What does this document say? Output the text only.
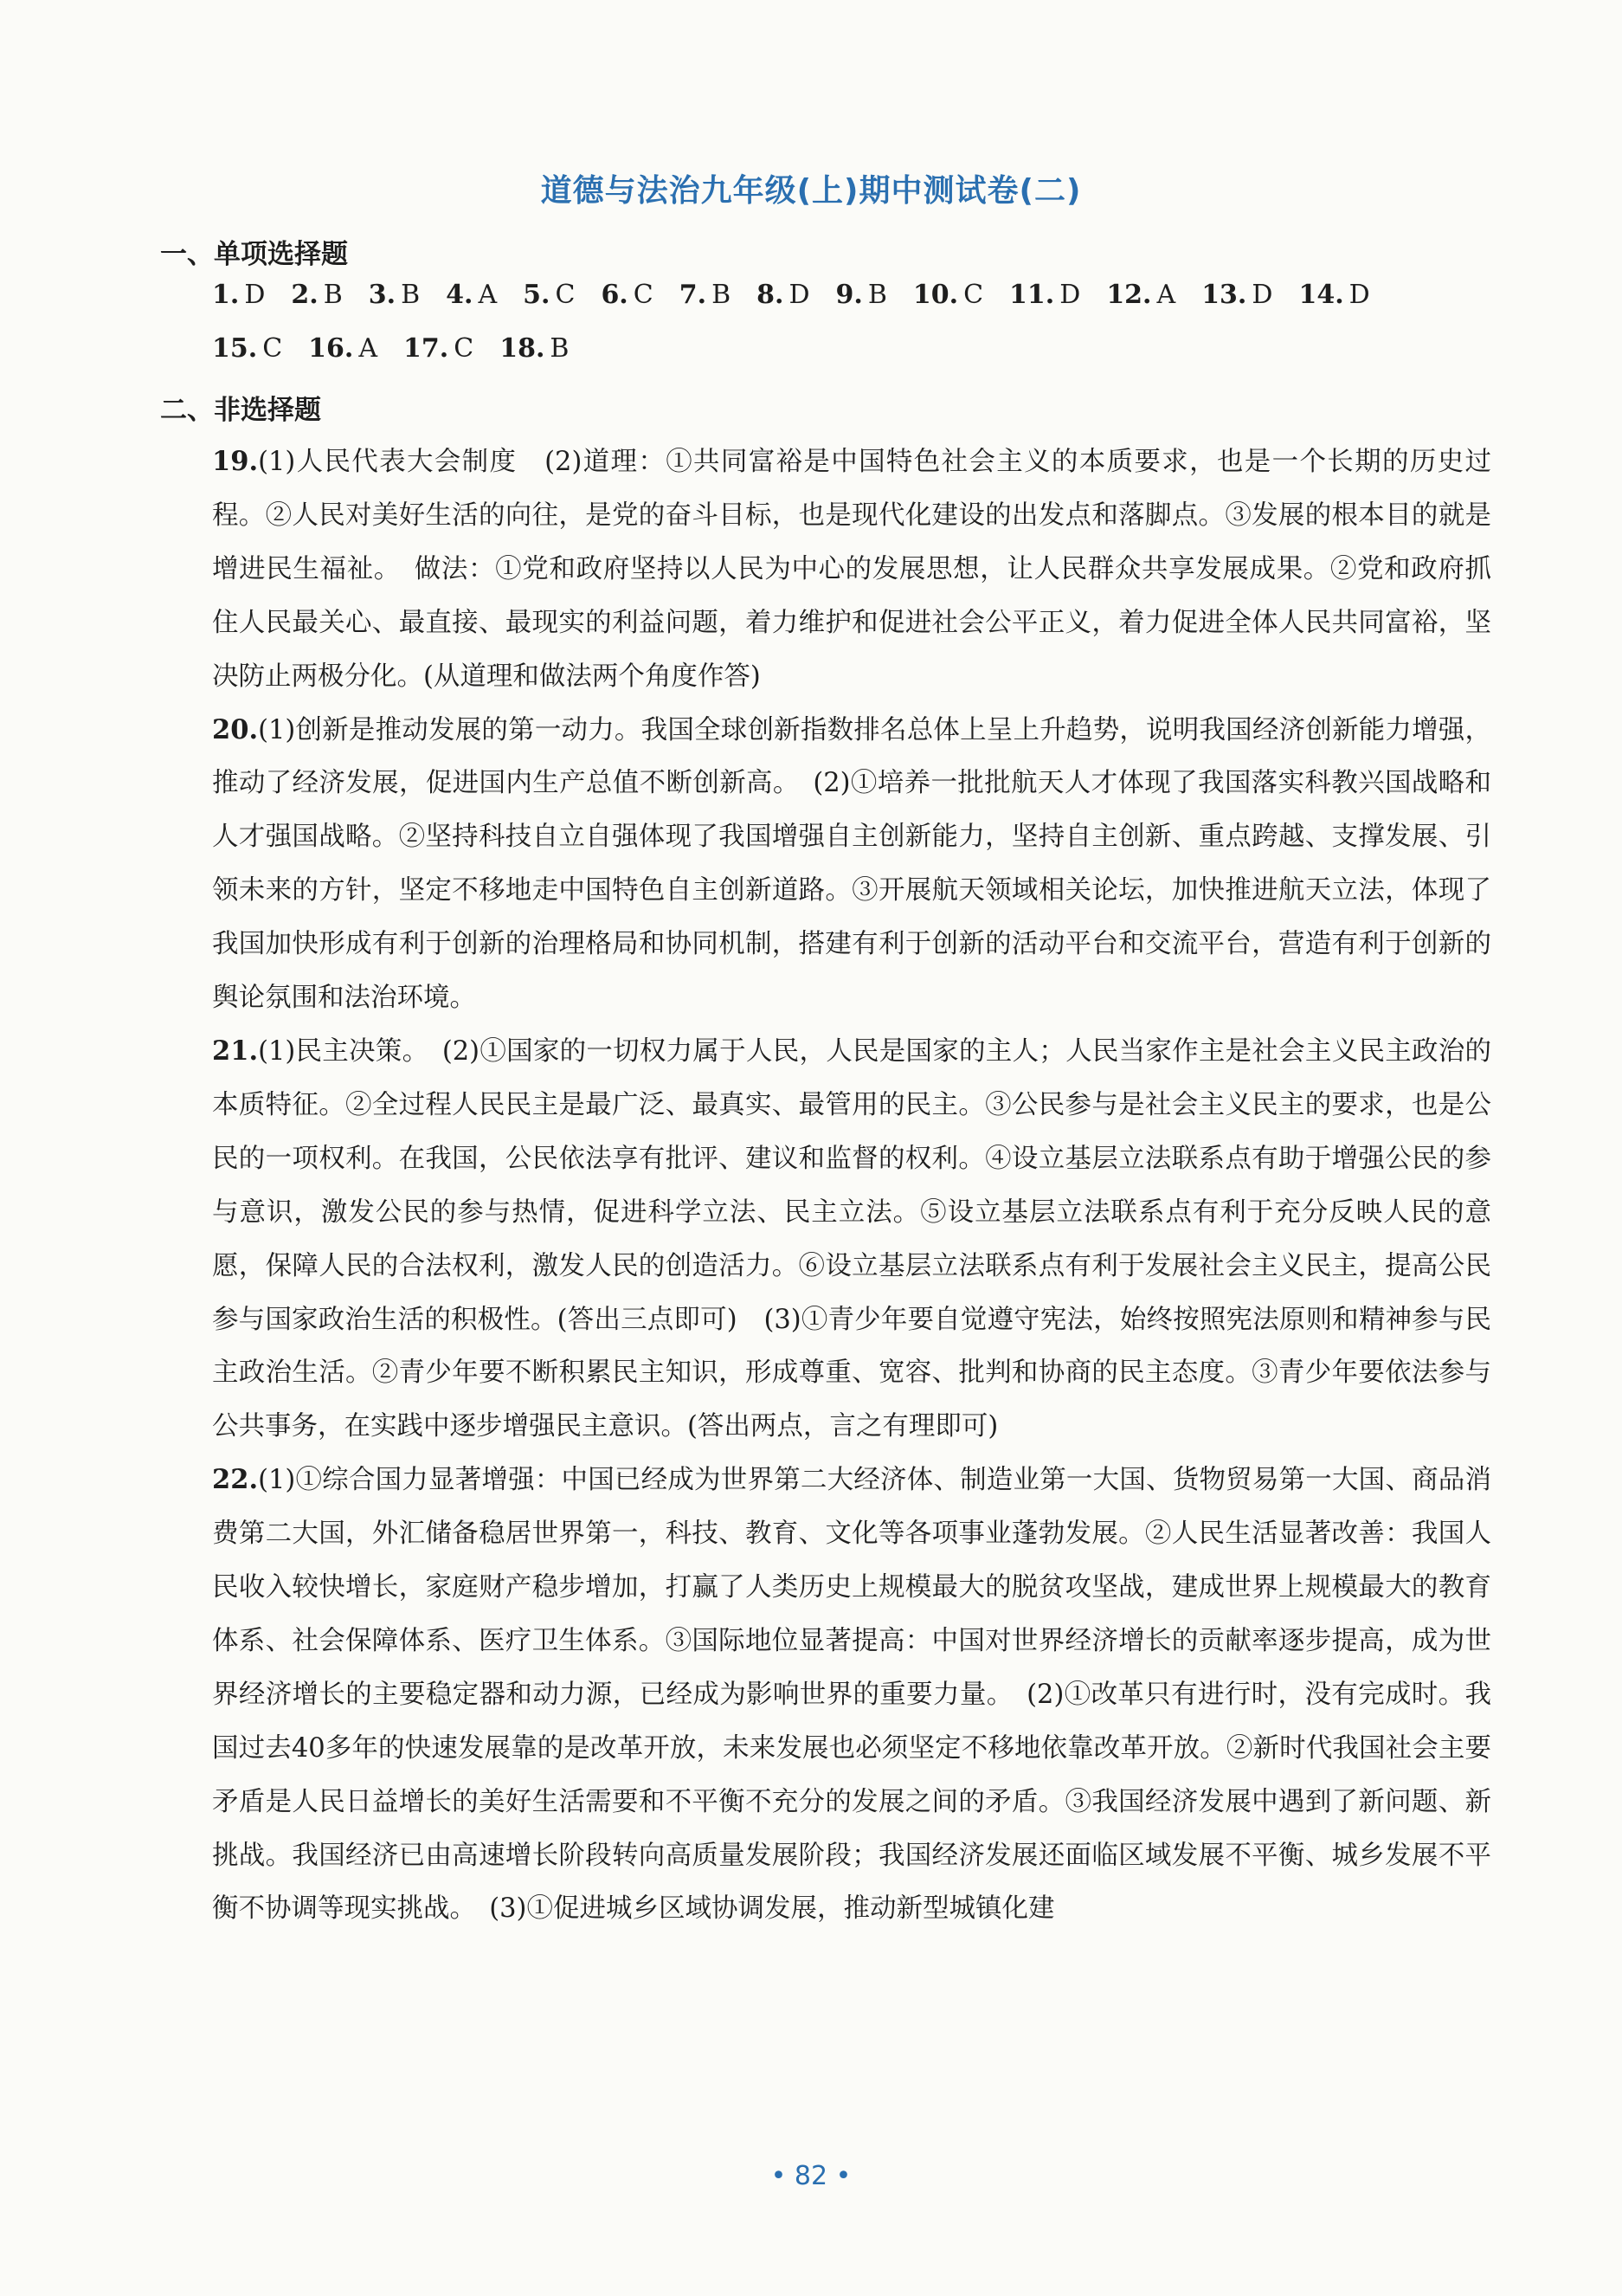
道德与法治九年级(上)期中测试卷(二)
一、单项选择题
1. D 2. B 3. B 4. A 5. C 6. C 7. B 8. D 9. B 10. C 11. D 12. A 13. D 14. D
15. C 16. A 17. C 18. B
二、非选择题

19.(1)人民代表大会制度　(2)道理：①共同富裕是中国特色社会主义的本质要求，也是一个长期的历史过程。②人民对美好生活的向往，是党的奋斗目标，也是现代化建设的出发点和落脚点。③发展的根本目的就是增进民生福祉。　做法：①党和政府坚持以人民为中心的发展思想，让人民群众共享发展成果。②党和政府抓住人民最关心、最直接、最现实的利益问题，着力维护和促进社会公平正义，着力促进全体人民共同富裕，坚决防止两极分化。(从道理和做法两个角度作答)

20.(1)创新是推动发展的第一动力。我国全球创新指数排名总体上呈上升趋势，说明我国经济创新能力增强，推动了经济发展，促进国内生产总值不断创新高。　(2)①培养一批批航天人才体现了我国落实科教兴国战略和人才强国战略。②坚持科技自立自强体现了我国增强自主创新能力，坚持自主创新、重点跨越、支撑发展、引领未来的方针，坚定不移地走中国特色自主创新道路。③开展航天领域相关论坛，加快推进航天立法，体现了我国加快形成有利于创新的治理格局和协同机制，搭建有利于创新的活动平台和交流平台，营造有利于创新的舆论氛围和法治环境。

21.(1)民主决策。　(2)①国家的一切权力属于人民，人民是国家的主人；人民当家作主是社会主义民主政治的本质特征。②全过程人民民主是最广泛、最真实、最管用的民主。③公民参与是社会主义民主的要求，也是公民的一项权利。在我国，公民依法享有批评、建议和监督的权利。④设立基层立法联系点有助于增强公民的参与意识，激发公民的参与热情，促进科学立法、民主立法。⑤设立基层立法联系点有利于充分反映人民的意愿，保障人民的合法权利，激发人民的创造活力。⑥设立基层立法联系点有利于发展社会主义民主，提高公民参与国家政治生活的积极性。(答出三点即可)　(3)①青少年要自觉遵守宪法，始终按照宪法原则和精神参与民主政治生活。②青少年要不断积累民主知识，形成尊重、宽容、批判和协商的民主态度。③青少年要依法参与公共事务，在实践中逐步增强民主意识。(答出两点，言之有理即可)

22.(1)①综合国力显著增强：中国已经成为世界第二大经济体、制造业第一大国、货物贸易第一大国、商品消费第二大国，外汇储备稳居世界第一，科技、教育、文化等各项事业蓬勃发展。②人民生活显著改善：我国人民收入较快增长，家庭财产稳步增加，打赢了人类历史上规模最大的脱贫攻坚战，建成世界上规模最大的教育体系、社会保障体系、医疗卫生体系。③国际地位显著提高：中国对世界经济增长的贡献率逐步提高，成为世界经济增长的主要稳定器和动力源，已经成为影响世界的重要力量。　(2)①改革只有进行时，没有完成时。我国过去40多年的快速发展靠的是改革开放，未来发展也必须坚定不移地依靠改革开放。②新时代我国社会主要矛盾是人民日益增长的美好生活需要和不平衡不充分的发展之间的矛盾。③我国经济发展中遇到了新问题、新挑战。我国经济已由高速增长阶段转向高质量发展阶段；我国经济发展还面临区域发展不平衡、城乡发展不平衡不协调等现实挑战。　(3)①促进城乡区域协调发展，推动新型城镇化建

• 82 •
